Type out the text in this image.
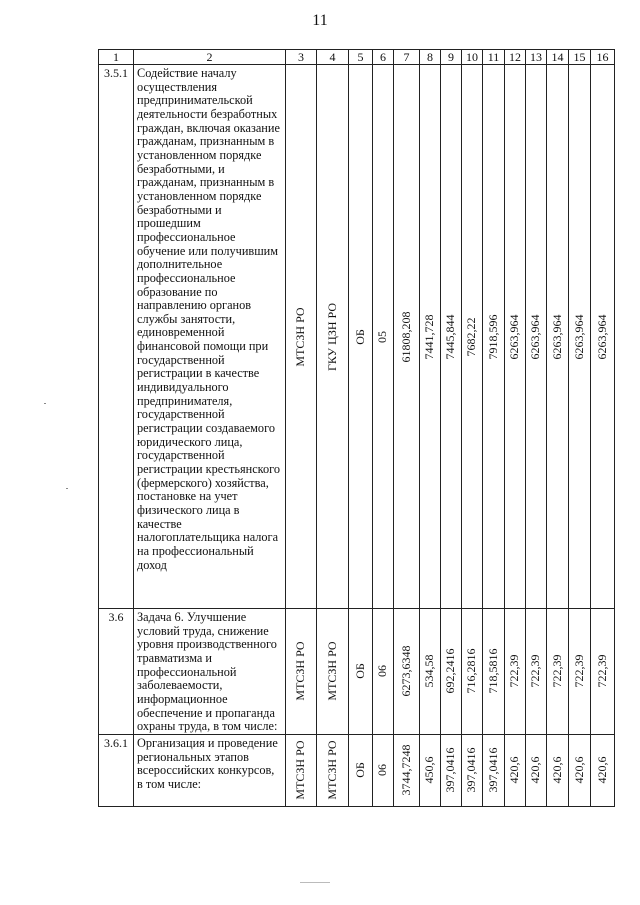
11
1	2	3	4	5	6	7	8	9	10	11	12	13	14	15	16
3.5.1	Содействие началу осуществления предпринимательской деятельности безработных граждан, включая оказание гражданам, признанным в установленном порядке безработными, и гражданам, признанным в установленном порядке безработными и прошедшим профессиональное обучение или получившим дополнительное профессиональное образование по направлению органов службы занятости, единовременной финансовой помощи при государственной регистрации в качестве индивидуального предпринимателя, государственной регистрации создаваемого юридического лица, государственной регистрации крестьянского (фермерского) хозяйства, постановке на учет физического лица в качестве налогоплательщика налога на профессиональный доход	МТСЗН РО	ГКУ ЦЗН РО	ОБ	05	61808,208	7441,728	7445,844	7682,22	7918,596	6263,964	6263,964	6263,964	6263,964	6263,964

3.6	Задача 6. Улучшение условий труда, снижение уровня производственного травматизма и профессиональной заболеваемости, информационное обеспечение и пропаганда охраны труда, в том числе:	МТСЗН РО	МТСЗН РО	ОБ	06	6273,6348	534,58	692,2416	716,2816	718,5816	722,39	722,39	722,39	722,39	722,39

3.6.1	Организация и проведение региональных этапов всероссийских конкурсов, в том числе:	МТСЗН РО	МТСЗН РО	ОБ	06	3744,7248	450,6	397,0416	397,0416	397,0416	420,6	420,6	420,6	420,6	420,6
